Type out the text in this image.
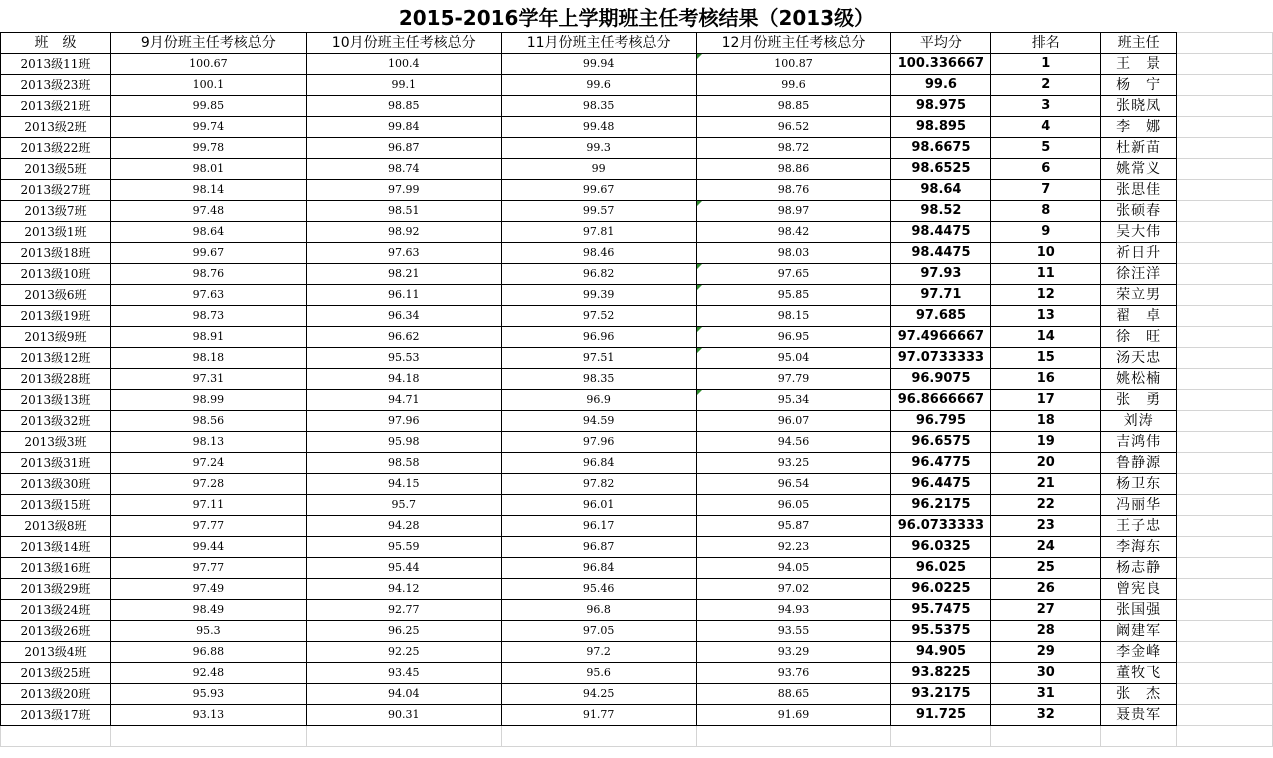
2015-2016学年上学期班主任考核结果（2013级）
班　级	9月份班主任考核总分	10月份班主任考核总分	11月份班主任考核总分	12月份班主任考核总分	平均分	排名	班主任	
2013级11班	100.67	100.4	99.94	100.87	100.336667	1	王　景	
2013级23班	100.1	99.1	99.6	99.6	99.6	2	杨　宁	
2013级21班	99.85	98.85	98.35	98.85	98.975	3	张晓凤	
2013级2班	99.74	99.84	99.48	96.52	98.895	4	李　娜	
2013级22班	99.78	96.87	99.3	98.72	98.6675	5	杜新苗	
2013级5班	98.01	98.74	99	98.86	98.6525	6	姚常义	
2013级27班	98.14	97.99	99.67	98.76	98.64	7	张思佳	
2013级7班	97.48	98.51	99.57	98.97	98.52	8	张硕春	
2013级1班	98.64	98.92	97.81	98.42	98.4475	9	吴大伟	
2013级18班	99.67	97.63	98.46	98.03	98.4475	10	祈日升	
2013级10班	98.76	98.21	96.82	97.65	97.93	11	徐汪洋	
2013级6班	97.63	96.11	99.39	95.85	97.71	12	荣立男	
2013级19班	98.73	96.34	97.52	98.15	97.685	13	翟　卓	
2013级9班	98.91	96.62	96.96	96.95	97.4966667	14	徐　旺	
2013级12班	98.18	95.53	97.51	95.04	97.0733333	15	汤天忠	
2013级28班	97.31	94.18	98.35	97.79	96.9075	16	姚松楠	
2013级13班	98.99	94.71	96.9	95.34	96.8666667	17	张　勇	
2013级32班	98.56	97.96	94.59	96.07	96.795	18	刘涛	
2013级3班	98.13	95.98	97.96	94.56	96.6575	19	吉鸿伟	
2013级31班	97.24	98.58	96.84	93.25	96.4775	20	鲁静源	
2013级30班	97.28	94.15	97.82	96.54	96.4475	21	杨卫东	
2013级15班	97.11	95.7	96.01	96.05	96.2175	22	冯丽华	
2013级8班	97.77	94.28	96.17	95.87	96.0733333	23	王子忠	
2013级14班	99.44	95.59	96.87	92.23	96.0325	24	李海东	
2013级16班	97.77	95.44	96.84	94.05	96.025	25	杨志静	
2013级29班	97.49	94.12	95.46	97.02	96.0225	26	曾宪良	
2013级24班	98.49	92.77	96.8	94.93	95.7475	27	张国强	
2013级26班	95.3	96.25	97.05	93.55	95.5375	28	阚建军	
2013级4班	96.88	92.25	97.2	93.29	94.905	29	李金峰	
2013级25班	92.48	93.45	95.6	93.76	93.8225	30	董牧飞	
2013级20班	95.93	94.04	94.25	88.65	93.2175	31	张　杰	
2013级17班	93.13	90.31	91.77	91.69	91.725	32	聂贵军	
